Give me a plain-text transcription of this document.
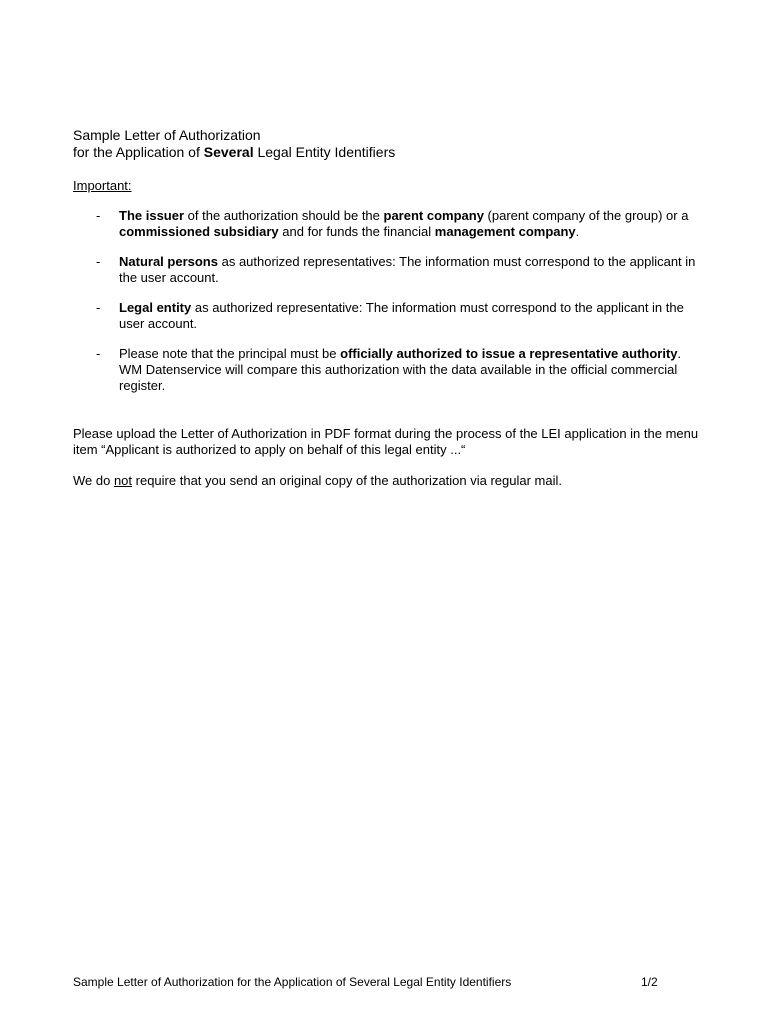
Sample Letter of Authorization
for the Application of Several Legal Entity Identifiers
Important:
- The issuer of the authorization should be the parent company (parent company of the group) or a commissioned subsidiary and for funds the financial management company.
- Natural persons as authorized representatives: The information must correspond to the applicant in the user account.
- Legal entity as authorized representative: The information must correspond to the applicant in the user account.
- Please note that the principal must be officially authorized to issue a representative authority. WM Datenservice will compare this authorization with the data available in the official commercial register.
Please upload the Letter of Authorization in PDF format during the process of the LEI application in the menu item “Applicant is authorized to apply on behalf of this legal entity ...“
We do not require that you send an original copy of the authorization via regular mail.
Sample Letter of Authorization for the Application of Several Legal Entity Identifiers	1/2
